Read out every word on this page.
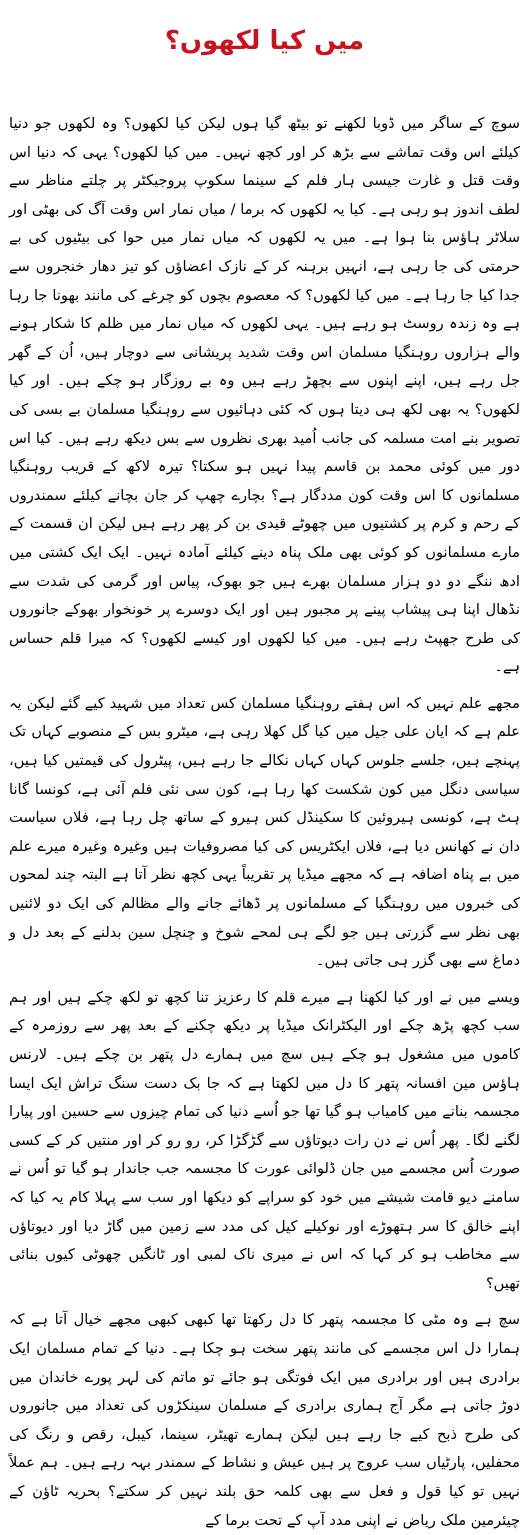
میں کیا لکھوں؟

سوچ کے ساگر میں ڈوبا لکھنے تو بیٹھ گیا ہوں لیکن کیا لکھوں؟ وہ لکھوں جو دنیا کیلئے اس وقت تماشے سے بڑھ کر اور کچھ نہیں۔ میں کیا لکھوں؟ یہی کہ دنیا اس وقت قتل و غارت جیسی ہار فلم کے سینما سکوپ پروجیکٹر پر چلتے مناظر سے لطف اندوز ہو رہی ہے۔ کیا یہ لکھوں کہ برما / میاں نمار اس وقت آگ کی بھٹی اور سلاٹر ہاؤس بنا ہوا ہے۔ میں یہ لکھوں کہ میاں نمار میں حوا کی بیٹیوں کی بے حرمتی کی جا رہی ہے، انہیں برہنہ کر کے نازک اعضاؤں کو تیز دھار خنجروں سے جدا کیا جا رہا ہے۔ میں کیا لکھوں؟ کہ معصوم بچوں کو چرغے کی مانند بھونا جا رہا ہے وہ زندہ روسٹ ہو رہے ہیں۔ یہی لکھوں کہ میاں نمار میں ظلم کا شکار ہونے والے ہزاروں روہنگیا مسلمان اس وقت شدید پریشانی سے دوچار ہیں، اُن کے گھر جل رہے ہیں، اپنے اپنوں سے بچھڑ رہے ہیں وہ بے روزگار ہو چکے ہیں۔ اور کیا لکھوں؟ یہ بھی لکھ ہی دیتا ہوں کہ کئی دہائیوں سے روہنگیا مسلمان بے بسی کی تصویر بنے امت مسلمہ کی جانب اُمید بھری نظروں سے بس دیکھ رہے ہیں۔ کیا اس دور میں کوئی محمد بن قاسم پیدا نہیں ہو سکتا؟ تیرہ لاکھ کے قریب روہنگیا مسلمانوں کا اس وقت کون مددگار ہے؟ بچارے چھپ کر جان بچانے کیلئے سمندروں کے رحم و کرم پر کشتیوں میں چھوٹے قیدی بن کر پھر رہے ہیں لیکن ان قسمت کے مارے مسلمانوں کو کوئی بھی ملک پناہ دینے کیلئے آمادہ نہیں۔ ایک ایک کشتی میں ادھ ننگے دو دو ہزار مسلمان بھرے ہیں جو بھوک، پیاس اور گرمی کی شدت سے نڈھال اپنا ہی پیشاب پینے پر مجبور ہیں اور ایک دوسرے پر خونخوار بھوکے جانوروں کی طرح جھپٹ رہے ہیں۔ میں کیا لکھوں اور کیسے لکھوں؟ کہ میرا قلم حساس ہے۔

مجھے علم نہیں کہ اس ہفتے روہنگیا مسلمان کس تعداد میں شہید کیے گئے لیکن یہ علم ہے کہ ایان علی جیل میں کیا گل کھلا رہی ہے، میٹرو بس کے منصوبے کہاں تک پہنچے ہیں، جلسے جلوس کہاں کہاں نکالے جا رہے ہیں، پیٹرول کی قیمتیں کیا ہیں، سیاسی دنگل میں کون شکست کھا رہا ہے، کون سی نئی فلم آئی ہے، کونسا گانا ہٹ ہے، کونسی ہیروئین کا سکینڈل کس ہیرو کے ساتھ چل رہا ہے، فلاں سیاست دان نے کھانس دیا ہے، فلاں ایکٹریس کی کیا مصروفیات ہیں وغیرہ وغیرہ میرے علم میں بے پناہ اضافہ ہے کہ مجھے میڈیا پر تقریباً یہی کچھ نظر آتا ہے البتہ چند لمحوں کی خبروں میں روہنگیا کے مسلمانوں پر ڈھائے جانے والے مظالم کی ایک دو لائنیں بھی نظر سے گزرتی ہیں جو لگے ہی لمحے شوخ و چنچل سین بدلنے کے بعد دل و دماغ سے بھی گزر ہی جاتی ہیں۔

ویسے میں نے اور کیا لکھنا ہے میرے قلم کا رعزیز تنا کچھ تو لکھ چکے ہیں اور ہم سب کچھ پڑھ چکے اور الیکٹرانک میڈیا پر دیکھ چکنے کے بعد پھر سے روزمرہ کے کاموں میں مشغول ہو چکے ہیں سچ میں ہمارے دل پتھر بن چکے ہیں۔ لارنس ہاؤس مین افسانہ پتھر کا دل میں لکھتا ہے کہ جا بک دست سنگ تراش ایک ایسا مجسمہ بنانے میں کامیاب ہو گیا تھا جو اُسے دنیا کی تمام چیزوں سے حسین اور پیارا لگنے لگا۔ پھر اُس نے دن رات دیوتاؤں سے گڑگڑا کر، رو رو کر اور منتیں کر کے کسی صورت اُس مجسمے میں جان ڈلوائی عورت کا مجسمہ جب جاندار ہو گیا تو اُس نے سامنے دیو قامت شیشے میں خود کو سراپے کو دیکھا اور سب سے پہلا کام یہ کیا کہ اپنے خالق کا سر ہتھوڑے اور نوکیلے کیل کی مدد سے زمین میں گاڑ دیا اور دیوتاؤں سے مخاطب ہو کر کہا کہ اس نے میری ناک لمبی اور ٹانگیں چھوٹی کیوں بنائی تھیں؟

سچ ہے وہ مٹی کا مجسمہ پتھر کا دل رکھتا تھا کبھی کبھی مجھے خیال آتا ہے کہ ہمارا دل اس مجسمے کی مانند پتھر سخت ہو چکا ہے۔ دنیا کے تمام مسلمان ایک برادری ہیں اور برادری میں ایک فوتگی ہو جائے تو ماتم کی لہر پورے خاندان میں دوڑ جاتی ہے مگر آج ہماری برادری کے مسلمان سینکڑوں کی تعداد میں جانوروں کی طرح ذبح کیے جا رہے ہیں لیکن ہمارے تھیٹر، سینما، کیبل، رقص و رنگ کی محفلیں، پارٹیاں سب عروج پر ہیں عیش و نشاط کے سمندر بہہ رہے ہیں۔ ہم عملاً نہیں تو کیا قول و فعل سے بھی کلمہ حق بلند نہیں کر سکتے؟ بحریہ ٹاؤن کے چیئرمین ملک ریاض نے اپنی مدد آپ کے تحت برما کے
